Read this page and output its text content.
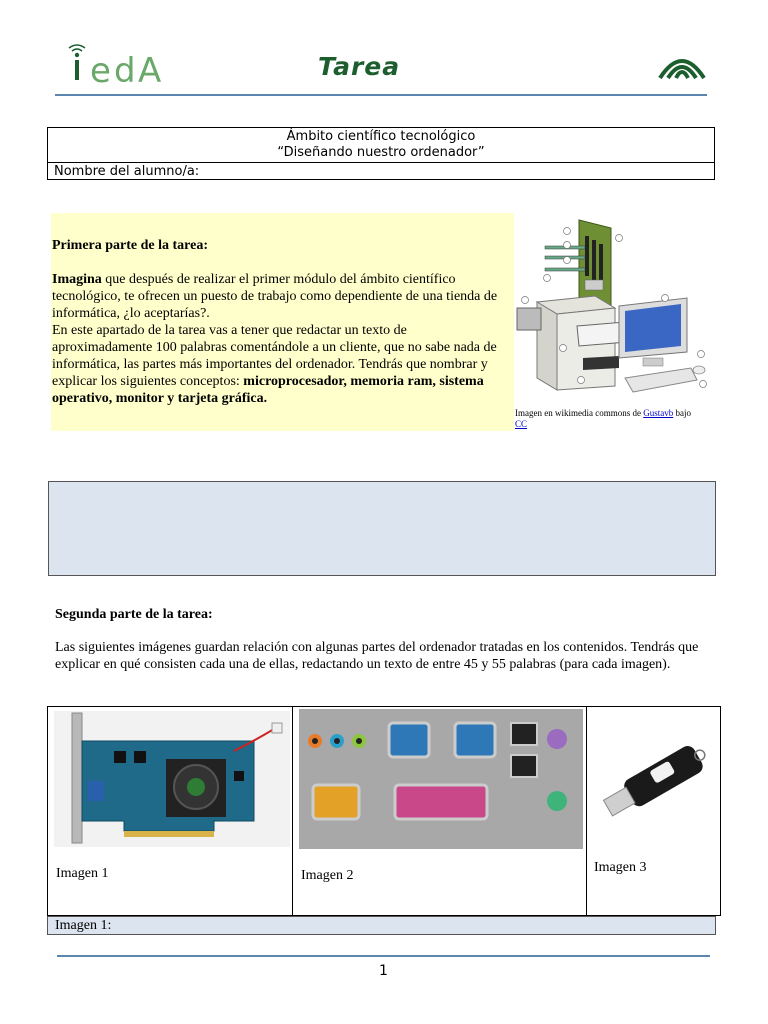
e d A	Tarea
Ámbito científico tecnológico
“Diseñando nuestro ordenador”
Nombre del alumno/a:

Primera parte de la tarea:

Imagina que después de realizar el primer módulo del ámbito científico tecnológico, te ofrecen un puesto de trabajo como dependiente de una tienda de informática, ¿lo aceptarías?.

En este apartado de la tarea vas a tener que redactar un texto de aproximadamente 100 palabras comentándole a un cliente, que no sabe nada de informática, las partes más importantes del ordenador. Tendrás que nombrar y explicar los siguientes conceptos: microprocesador, memoria ram, sistema operativo, monitor y tarjeta gráfica.

Imagen en wikimedia commons de Gustavb bajo
CC
Segunda parte de la tarea:
Las siguientes imágenes guardan relación con algunas partes del ordenador tratadas en los contenidos. Tendrás que explicar en qué consisten cada una de ellas, redactando un texto de entre 45 y 55 palabras (para cada imagen).
Imagen 1	Imagen 2
Imagen 3
Imagen 1:
1
